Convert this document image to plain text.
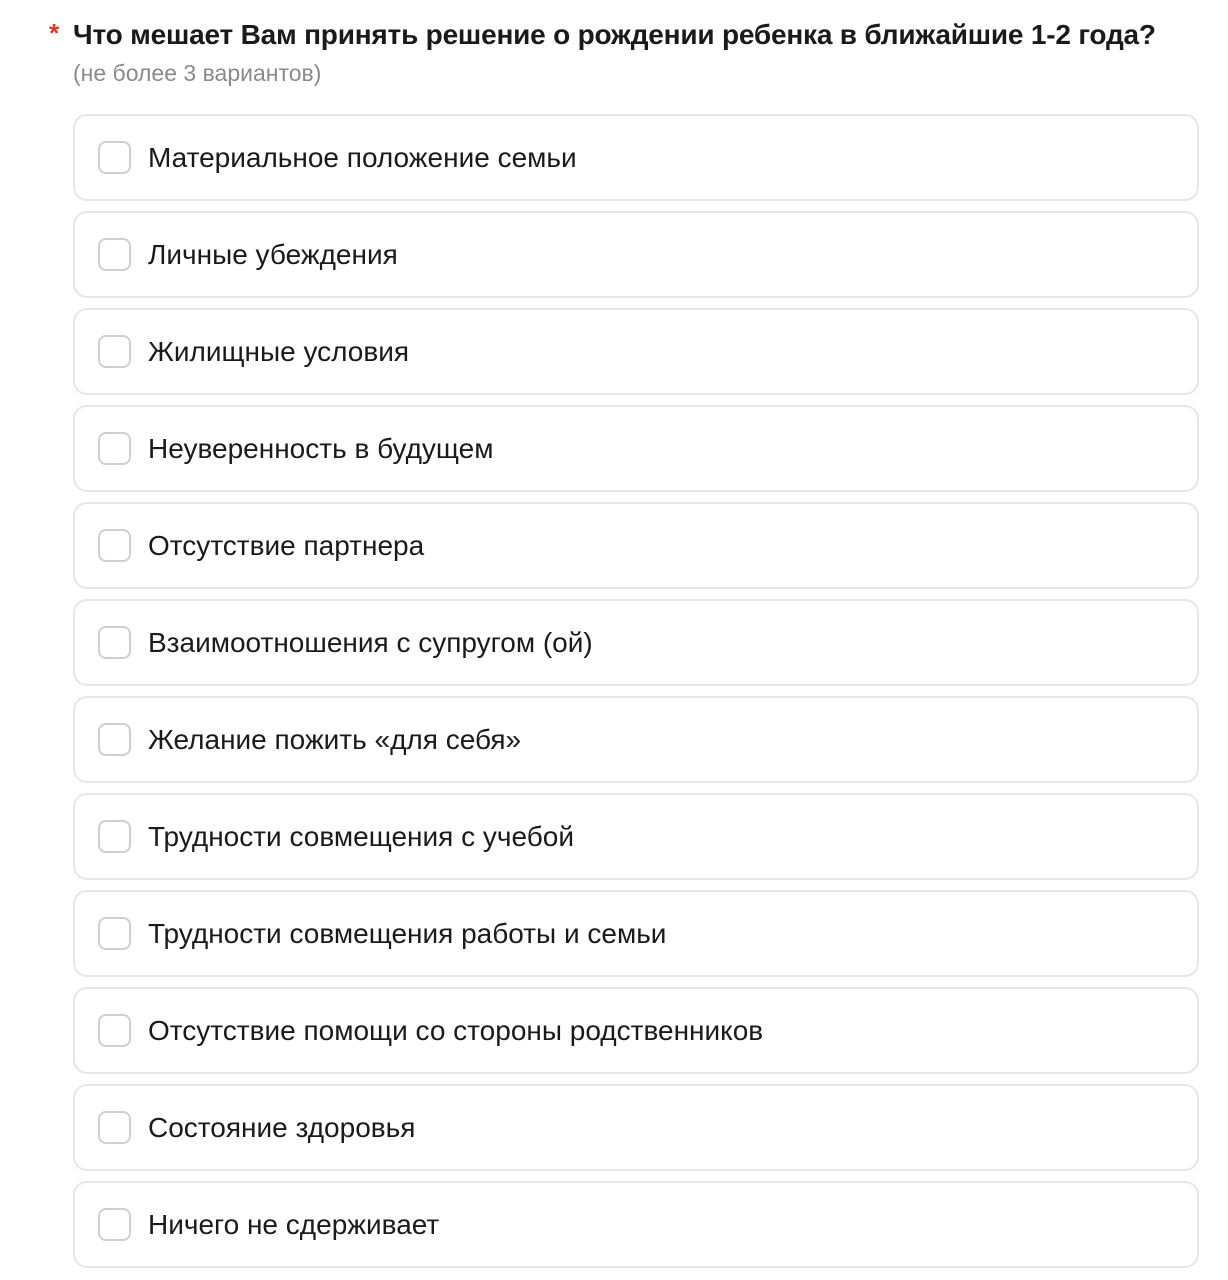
* Что мешает Вам принять решение о рождении ребенка в ближайшие 1-2 года?
(не более 3 вариантов)
Материальное положение семьи
Личные убеждения
Жилищные условия
Неуверенность в будущем
Отсутствие партнера
Взаимоотношения с супругом (ой)
Желание пожить «для себя»
Трудности совмещения с учебой
Трудности совмещения работы и семьи
Отсутствие помощи со стороны родственников
Состояние здоровья
Ничего не сдерживает
